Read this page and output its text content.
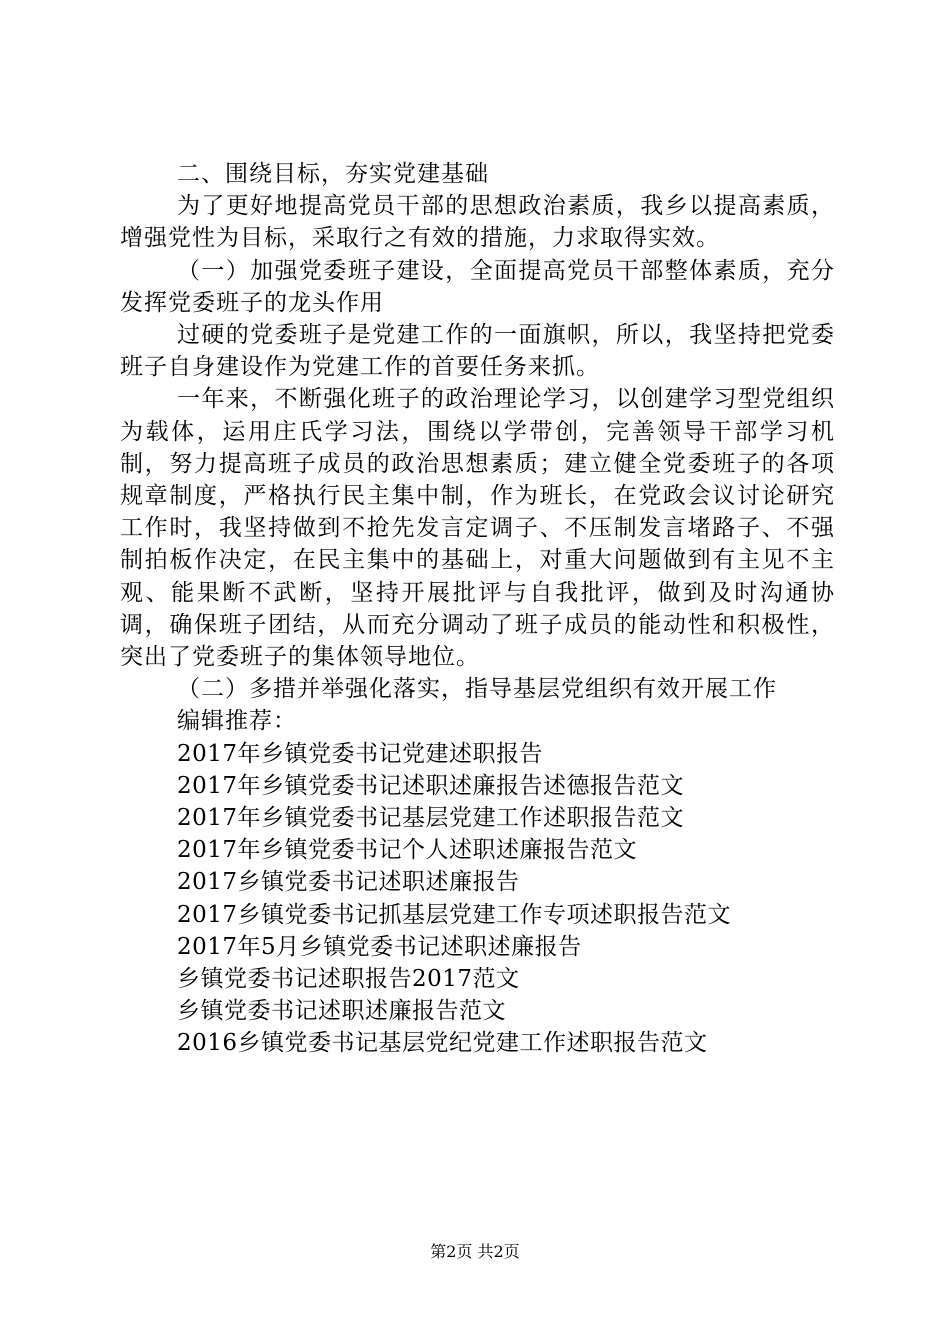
二、围绕目标，夯实党建基础

为了更好地提高党员干部的思想政治素质，我乡以提高素质，增强党性为目标，采取行之有效的措施，力求取得实效。

（一）加强党委班子建设，全面提高党员干部整体素质，充分发挥党委班子的龙头作用

过硬的党委班子是党建工作的一面旗帜，所以，我坚持把党委班子自身建设作为党建工作的首要任务来抓。

一年来，不断强化班子的政治理论学习，以创建学习型党组织为载体，运用庄氏学习法，围绕以学带创，完善领导干部学习机制，努力提高班子成员的政治思想素质；建立健全党委班子的各项规章制度，严格执行民主集中制，作为班长，在党政会议讨论研究工作时，我坚持做到不抢先发言定调子、不压制发言堵路子、不强制拍板作决定，在民主集中的基础上，对重大问题做到有主见不主观、能果断不武断，坚持开展批评与自我批评，做到及时沟通协调，确保班子团结，从而充分调动了班子成员的能动性和积极性，突出了党委班子的集体领导地位。

（二）多措并举强化落实，指导基层党组织有效开展工作

编辑推荐：

2017年乡镇党委书记党建述职报告
2017年乡镇党委书记述职述廉报告述德报告范文
2017年乡镇党委书记基层党建工作述职报告范文
2017年乡镇党委书记个人述职述廉报告范文
2017乡镇党委书记述职述廉报告
2017乡镇党委书记抓基层党建工作专项述职报告范文
2017年5月乡镇党委书记述职述廉报告
乡镇党委书记述职报告2017范文
乡镇党委书记述职述廉报告范文
2016乡镇党委书记基层党纪党建工作述职报告范文
第2页 共2页
